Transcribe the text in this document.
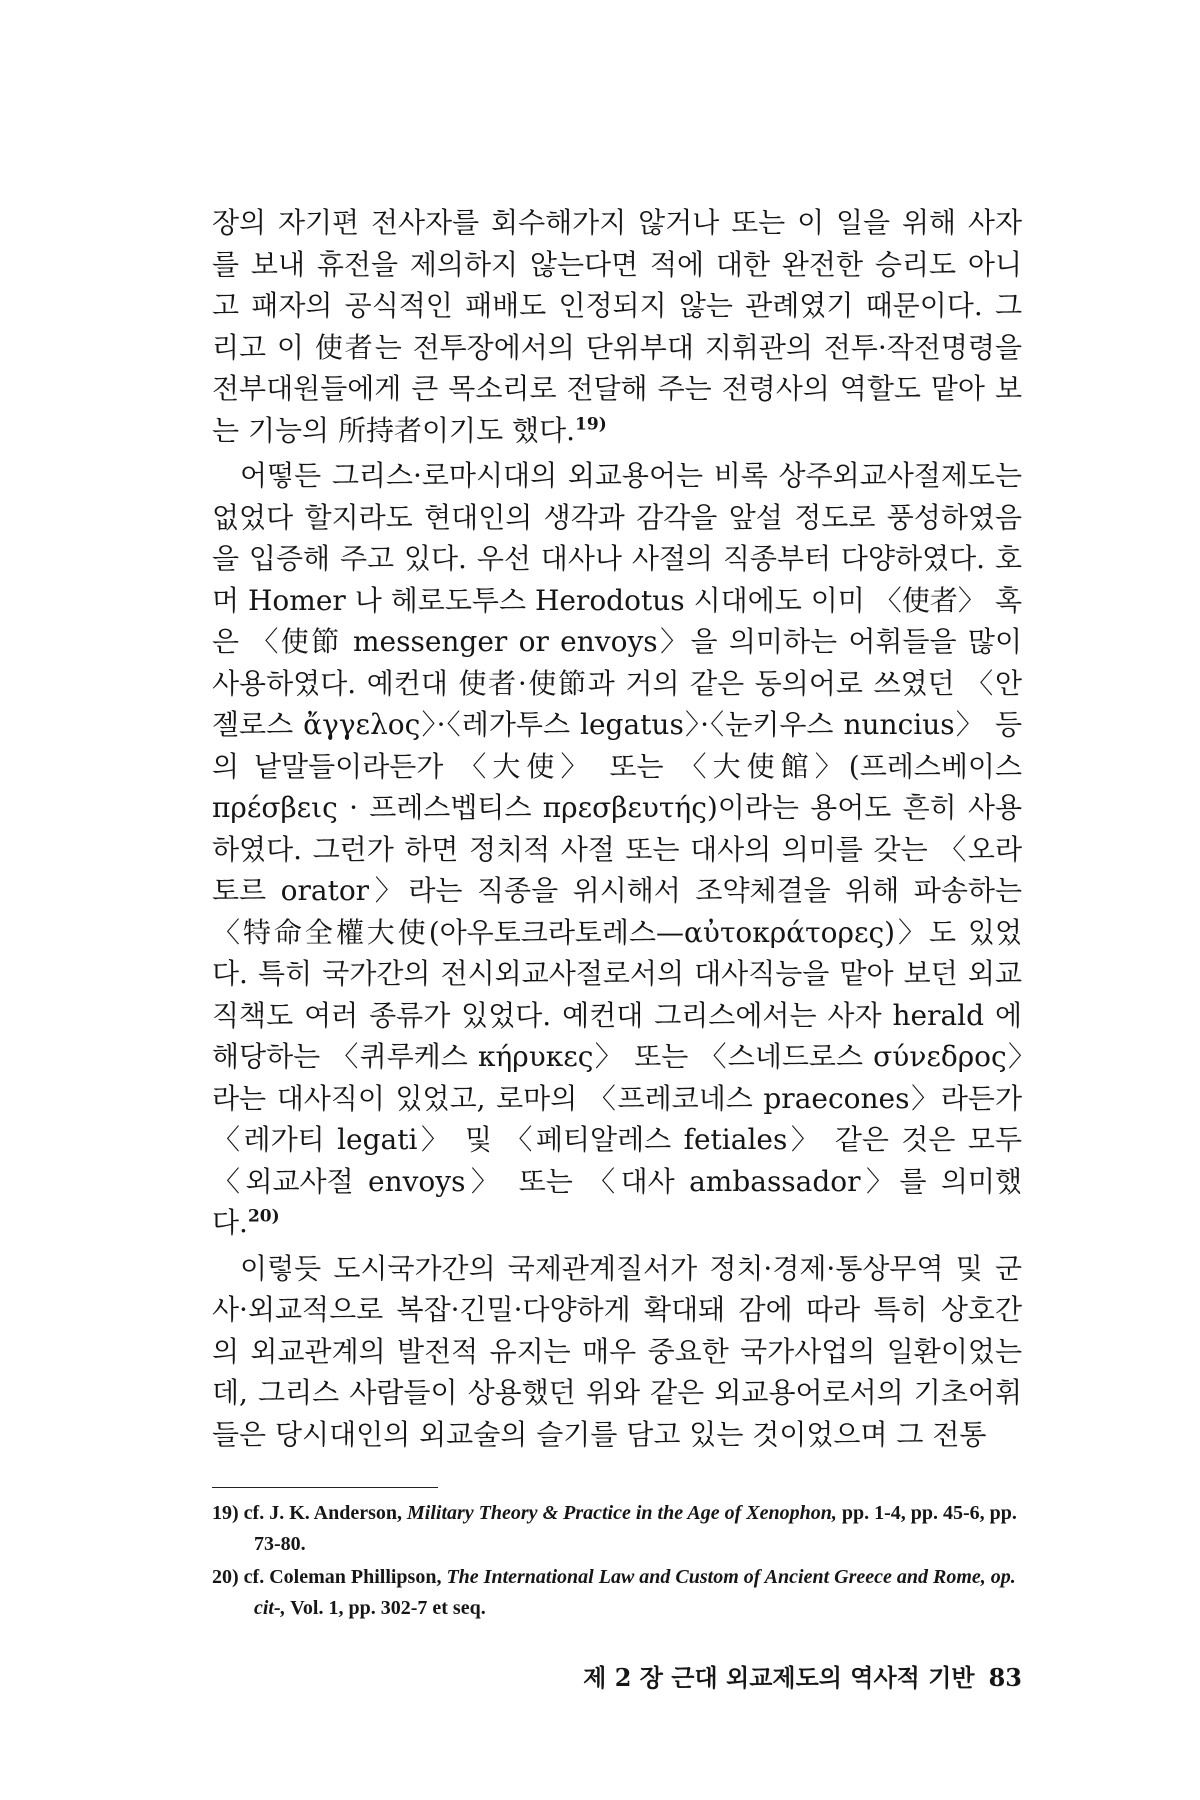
장의 자기편 전사자를 회수해가지 않거나 또는 이 일을 위해 사자를 보내 휴전을 제의하지 않는다면 적에 대한 완전한 승리도 아니고 패자의 공식적인 패배도 인정되지 않는 관례였기 때문이다. 그리고 이 使者는 전투장에서의 단위부대 지휘관의 전투·작전명령을 전부대원들에게 큰 목소리로 전달해 주는 전령사의 역할도 맡아 보는 기능의 所持者이기도 했다.$^{19)}$

어떻든 그리스·로마시대의 외교용어는 비록 상주외교사절제도는 없었다 할지라도 현대인의 생각과 감각을 앞설 정도로 풍성하였음을 입증해 주고 있다. 우선 대사나 사절의 직종부터 다양하였다. 호머 Homer 나 헤로도투스 Herodotus 시대에도 이미 〈使者〉 혹은 〈使節 messenger or envoys〉을 의미하는 어휘들을 많이 사용하였다. 예컨대 使者·使節과 거의 같은 동의어로 쓰였던 〈안젤로스 ἄγγελος〉·〈레가투스 legatus〉·〈눈키우스 nuncius〉 등의 낱말들이라든가 〈大使〉 또는 〈大使館〉(프레스베이스 πρέσβεις · 프레스벱티스 πρεσβευτής)이라는 용어도 흔히 사용하였다. 그런가 하면 정치적 사절 또는 대사의 의미를 갖는 〈오라토르 orator〉라는 직종을 위시해서 조약체결을 위해 파송하는 〈特命全權大使(아우토크라토레스—αὐτοκράτορες)〉도 있었다. 특히 국가간의 전시외교사절로서의 대사직능을 맡아 보던 외교직책도 여러 종류가 있었다. 예컨대 그리스에서는 사자 herald 에 해당하는 〈퀴루케스 κήρυκες〉 또는 〈스네드로스 σύνεδρος〉라는 대사직이 있었고, 로마의 〈프레코네스 praecones〉라든가 〈레가티 legati〉 및 〈페티알레스 fetiales〉 같은 것은 모두 〈외교사절 envoys〉 또는 〈대사 ambassador〉를 의미했다.$^{20)}$

이렇듯 도시국가간의 국제관계질서가 정치·경제·통상무역 및 군사·외교적으로 복잡·긴밀·다양하게 확대돼 감에 따라 특히 상호간의 외교관계의 발전적 유지는 매우 중요한 국가사업의 일환이었는데, 그리스 사람들이 상용했던 위와 같은 외교용어로서의 기초어휘들은 당시대인의 외교술의 슬기를 담고 있는 것이었으며 그 전통

19) cf. J. K. Anderson, Military Theory & Practice in the Age of Xenophon, pp. 1-4, pp. 45-6, pp. 73-80.

20) cf. Coleman Phillipson, The International Law and Custom of Ancient Greece and Rome, op. cit-, Vol. 1, pp. 302-7 et seq.

제 2 장 근대 외교제도의 역사적 기반 83
